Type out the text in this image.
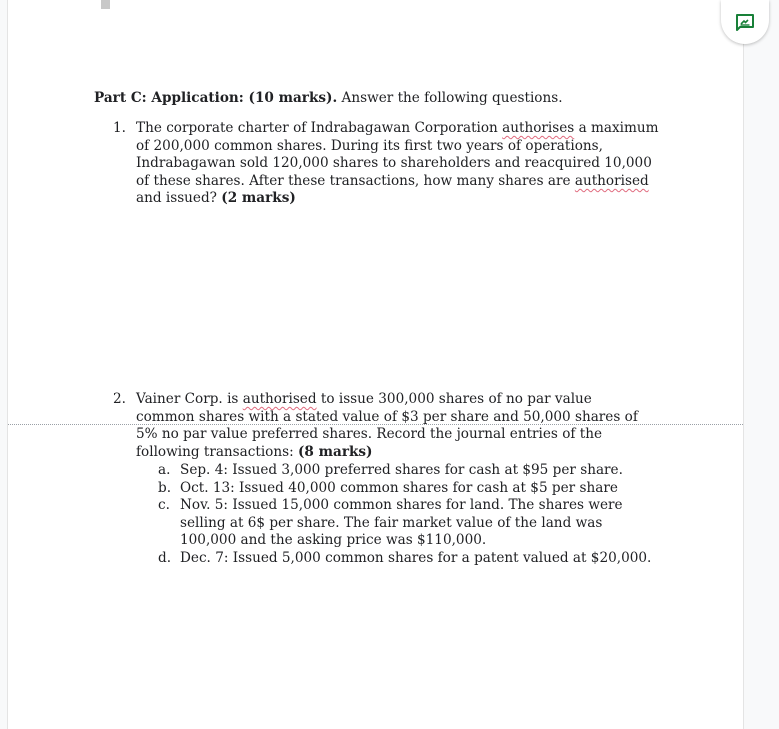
Part C: Application: (10 marks). Answer the following questions.
1. The corporate charter of Indrabagawan Corporation authorises a maximum of 200,000 common shares. During its first two years of operations, Indrabagawan sold 120,000 shares to shareholders and reacquired 10,000 of these shares. After these transactions, how many shares are authorised and issued? (2 marks)
2. Vainer Corp. is authorised to issue 300,000 shares of no par value common shares with a stated value of $3 per share and 50,000 shares of 5% no par value preferred shares. Record the journal entries of the following transactions: (8 marks)
a. Sep. 4: Issued 3,000 preferred shares for cash at $95 per share.
b. Oct. 13: Issued 40,000 common shares for cash at $5 per share
c. Nov. 5: Issued 15,000 common shares for land. The shares were selling at 6$ per share. The fair market value of the land was 100,000 and the asking price was $110,000.
d. Dec. 7: Issued 5,000 common shares for a patent valued at $20,000.
